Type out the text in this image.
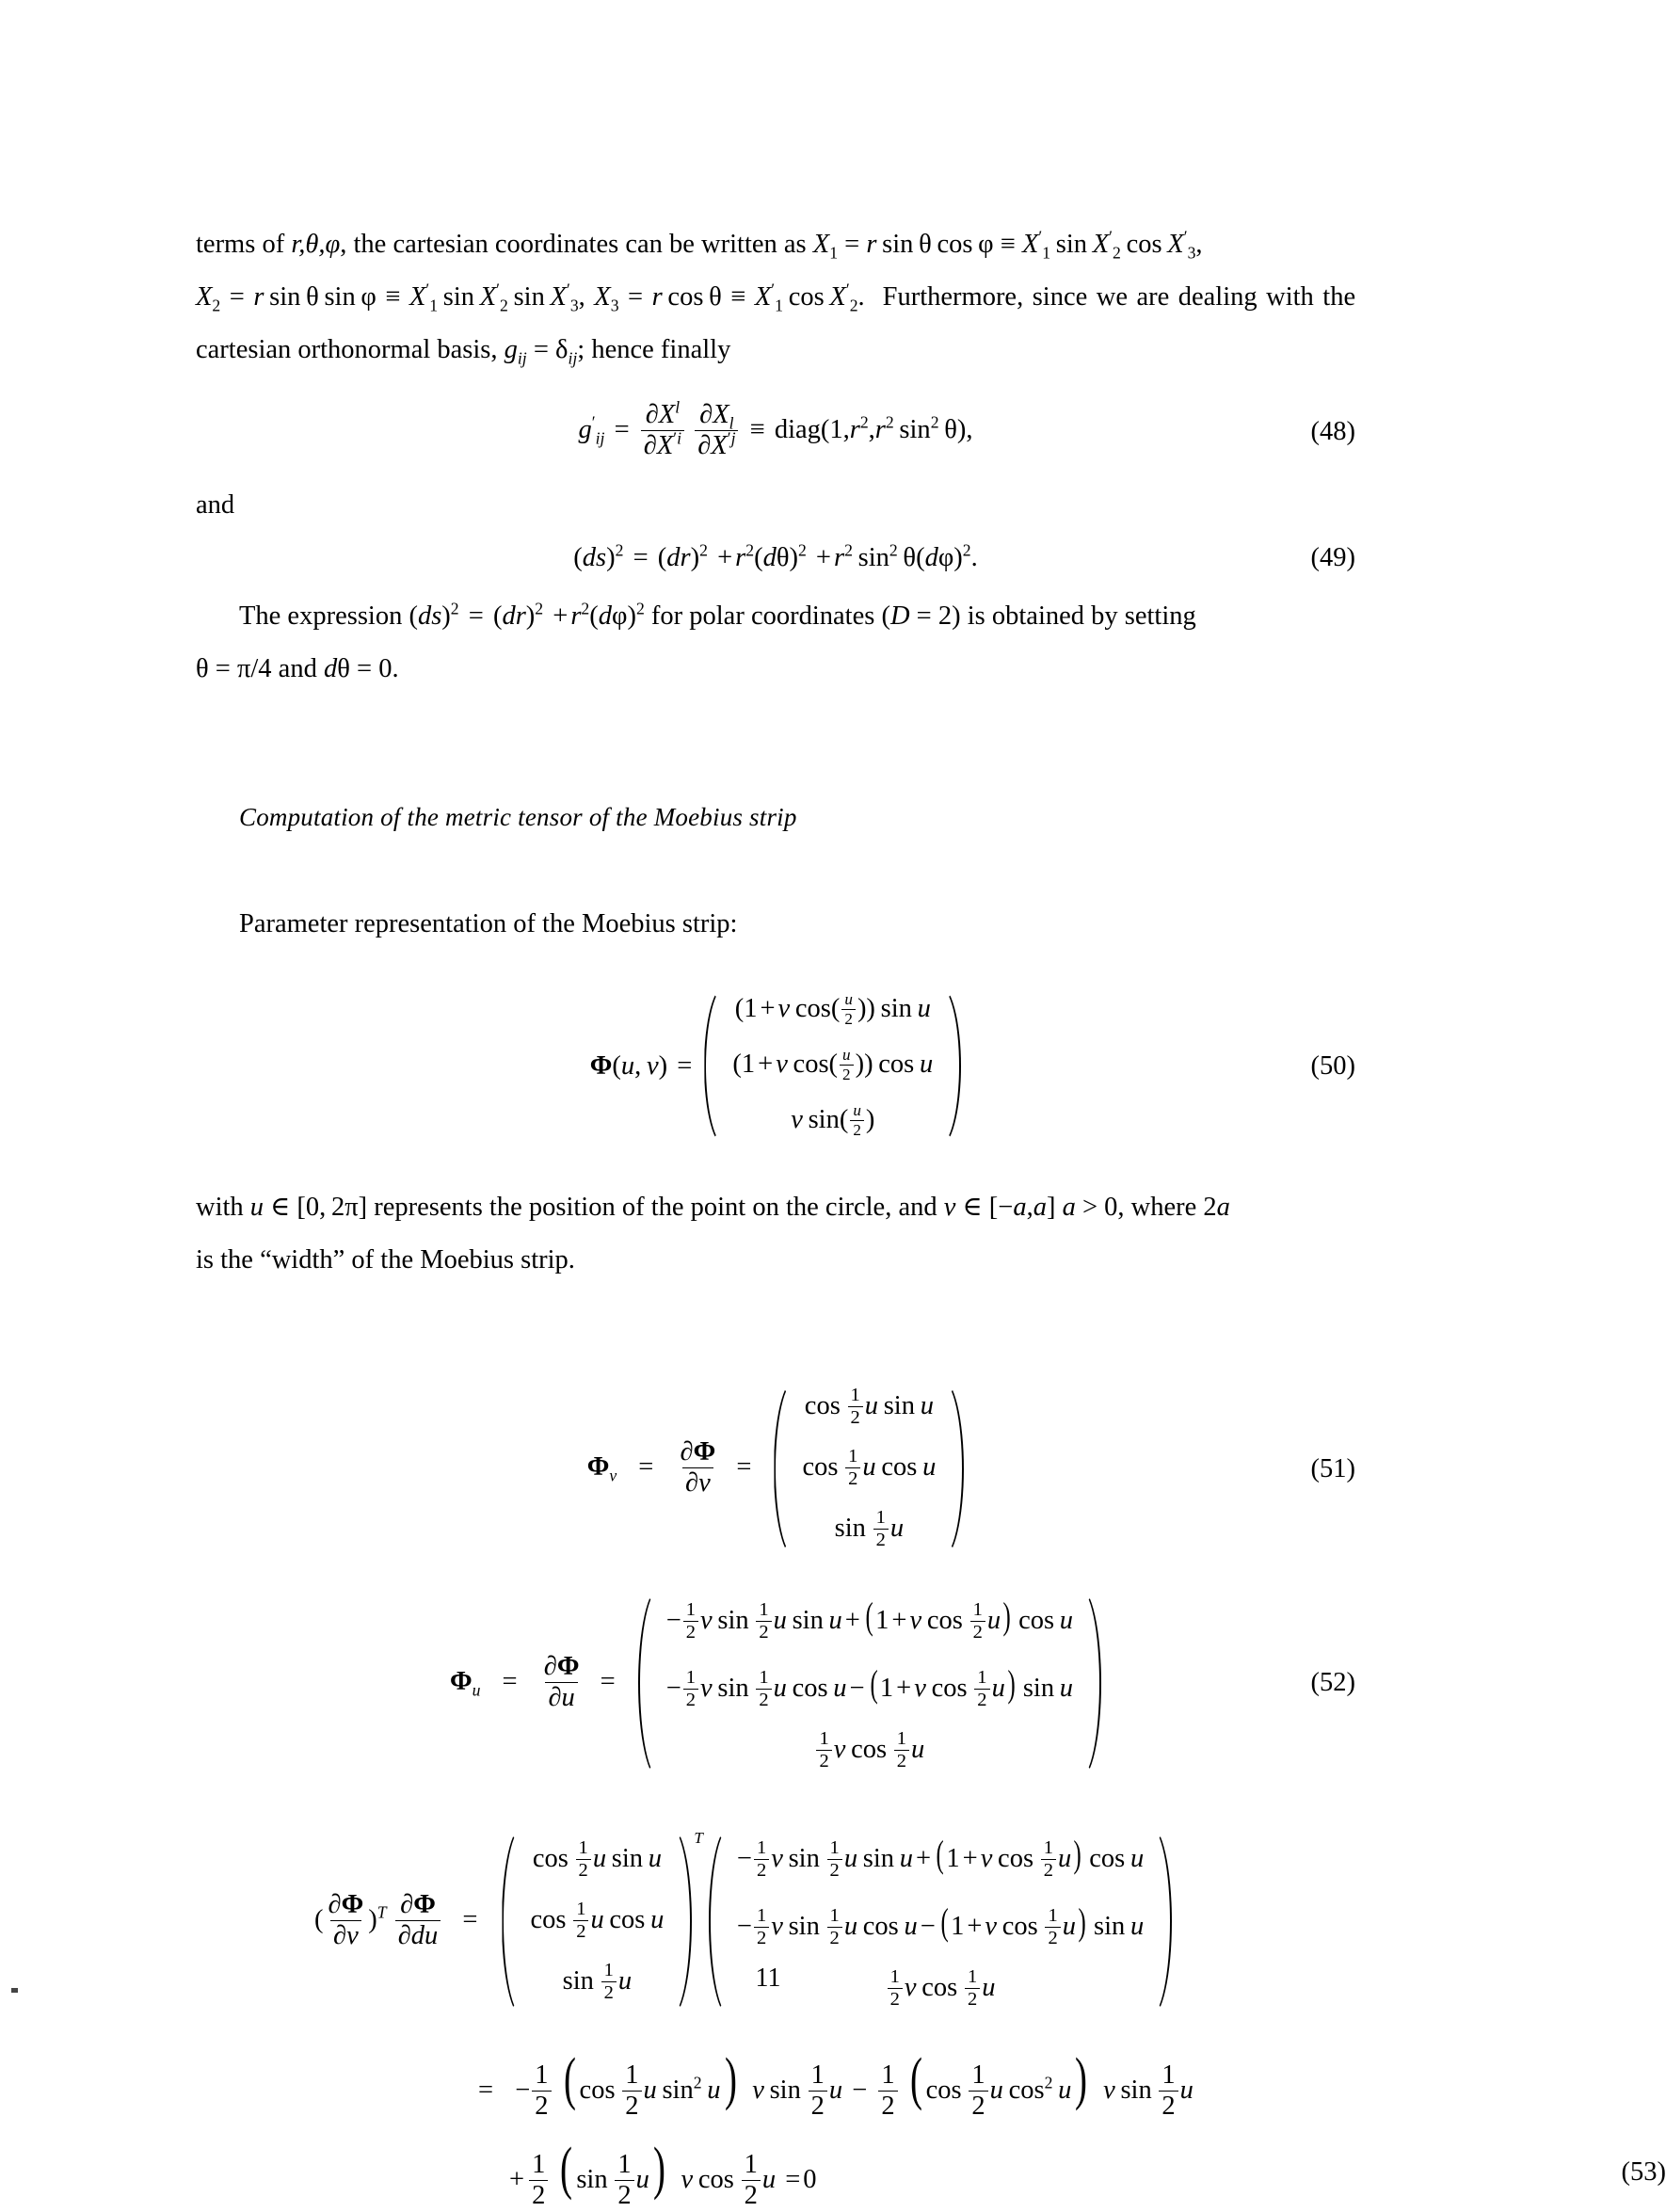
terms of r,θ,φ, the cartesian coordinates can be written as $X_1 = r$ sin θ $\cos \varphi \equiv X'_1$ $\sin X'_2$ $\cos X'_3$,
$X_2 = r$ sin θ $\sin \varphi \equiv X'_1$ $\sin X'_2$ $\sin X'_3$, $X_3 = r$ $\cos \theta \equiv X'_1$ $\cos X'_2$.  Furthermore, since we are dealing with the cartesian orthonormal basis, $g_{ij} = \delta_{ij}$; hence finally
$g'_{ij} = \frac{\partial X^l}{\partial X^{'i}}$
$\frac{\partial X_l}{\partial X^{'j}}$ ≡ $diag(1,r^2,r^2$ $\sin^2 \theta$),	(48)

and

$(ds)^2 = (dr)^2 + r^2(d\theta)^2 + r^2$ $\sin^2 \theta(d\varphi)^2$.	(49)
The expression $(ds)^2 = (dr)^2 + r^2(d\varphi)^2$ for polar coordinates (D = 2) is obtained by setting
θ = π/4 and dθ = 0.

Computation of the metric tensor of the Moebius strip

Parameter representation of the Moebius strip:

Φ(u,  v) =
(1 + v $\cos( \frac{u}{2}$ )) sin u
(1 + v $\cos( \frac{u}{2}$ )) cos u
v $\sin( \frac{u}{2}$ )
(50)
with u ∈ [0,  2π] represents the position of the point on the circle, and v ∈ [−a,a] a > 0, where 2a
is the “width” of the Moebius strip.
$\Phi_v = \frac{\partial\Phi}{\partial v}$ =
$\cos \frac{1}{2}$ u sin u
$\cos \frac{1}{2}$ u cos u
$\sin \frac{1}{2}$ u
(51)
$\Phi_u = \frac{\partial\Phi}{\partial u}$ =
− $\frac{1}{2}$ v $\sin \frac{1}{2}$ u sin u + (1 + v $\cos \frac{1}{2} u$) cos u
− $\frac{1}{2}$ v $\sin \frac{1}{2}$ u cos u − (1 + v $\cos \frac{1}{2} u$) sin u
$\frac{1}{2}$ v $\cos \frac{1}{2}$ u
(52)
( $\frac{\partial\Phi}{\partial v} )^T \frac{\partial\Phi}{\partial du}$ =
$\cos \frac{1}{2}$ u sin u
$\cos \frac{1}{2}$ u cos u
$\sin \frac{1}{2}$ u
T
− $\frac{1}{2}$ v $\sin \frac{1}{2}$ u sin u + (1 + v $\cos \frac{1}{2} u$) cos u
− $\frac{1}{2}$ v $\sin \frac{1}{2}$ u cos u − (1 + v $\cos \frac{1}{2} u$) sin u
$\frac{1}{2}$ v $\cos \frac{1}{2}$ u
= − $\frac{1}{2}$ ( $\cos \frac{1}{2}$ u $\sin^2 u$)  v $\sin \frac{1}{2}$ $u - \frac{1}{2}$ ( $\cos \frac{1}{2}$ u $\cos^2 u$)  v $\sin \frac{1}{2}$ u
+ $\frac{1}{2}$ ( $\sin \frac{1}{2} u$)  v $\cos \frac{1}{2}$ u = 0	(53)
11
